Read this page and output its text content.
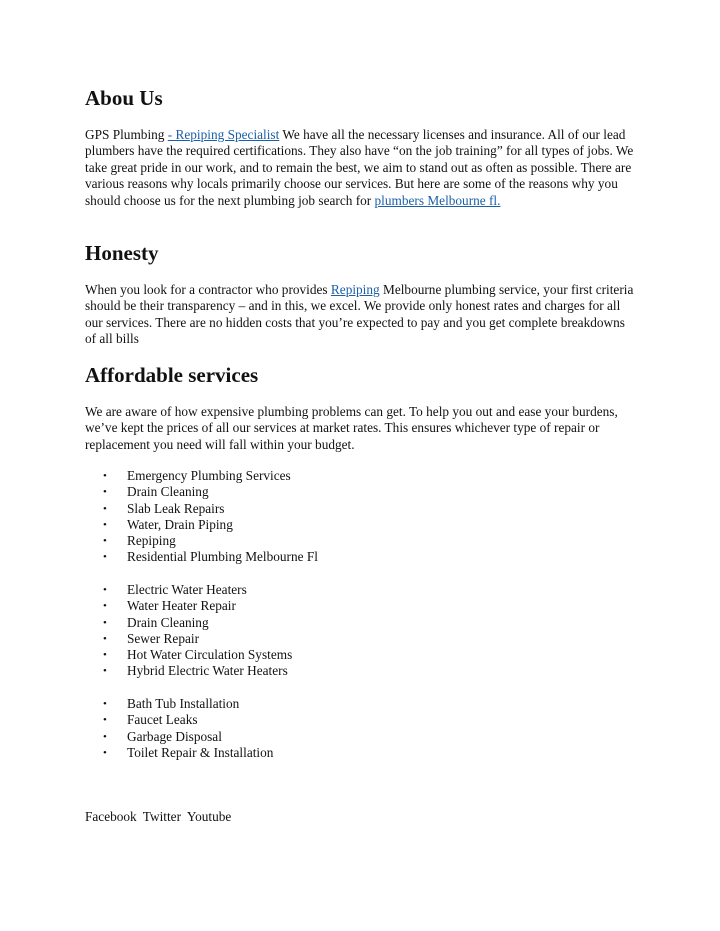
Abou Us

GPS Plumbing - Repiping Specialist We have all the necessary licenses and insurance. All of our lead plumbers have the required certifications. They also have “on the job training” for all types of jobs. We take great pride in our work, and to remain the best, we aim to stand out as often as possible. There are various reasons why locals primarily choose our services. But here are some of the reasons why you should choose us for the next plumbing job search for plumbers Melbourne fl.

Honesty

When you look for a contractor who provides Repiping Melbourne plumbing service, your first criteria should be their transparency – and in this, we excel. We provide only honest rates and charges for all our services. There are no hidden costs that you’re expected to pay and you get complete breakdowns of all bills

Affordable services

We are aware of how expensive plumbing problems can get. To help you out and ease your burdens, we’ve kept the prices of all our services at market rates. This ensures whichever type of repair or replacement you need will fall within your budget.

• Emergency Plumbing Services
• Drain Cleaning
• Slab Leak Repairs
• Water, Drain Piping
• Repiping
• Residential Plumbing Melbourne Fl
• Electric Water Heaters
• Water Heater Repair
• Drain Cleaning
• Sewer Repair
• Hot Water Circulation Systems
• Hybrid Electric Water Heaters
• Bath Tub Installation
• Faucet Leaks
• Garbage Disposal
• Toilet Repair & Installation
Facebook Twitter Youtube
